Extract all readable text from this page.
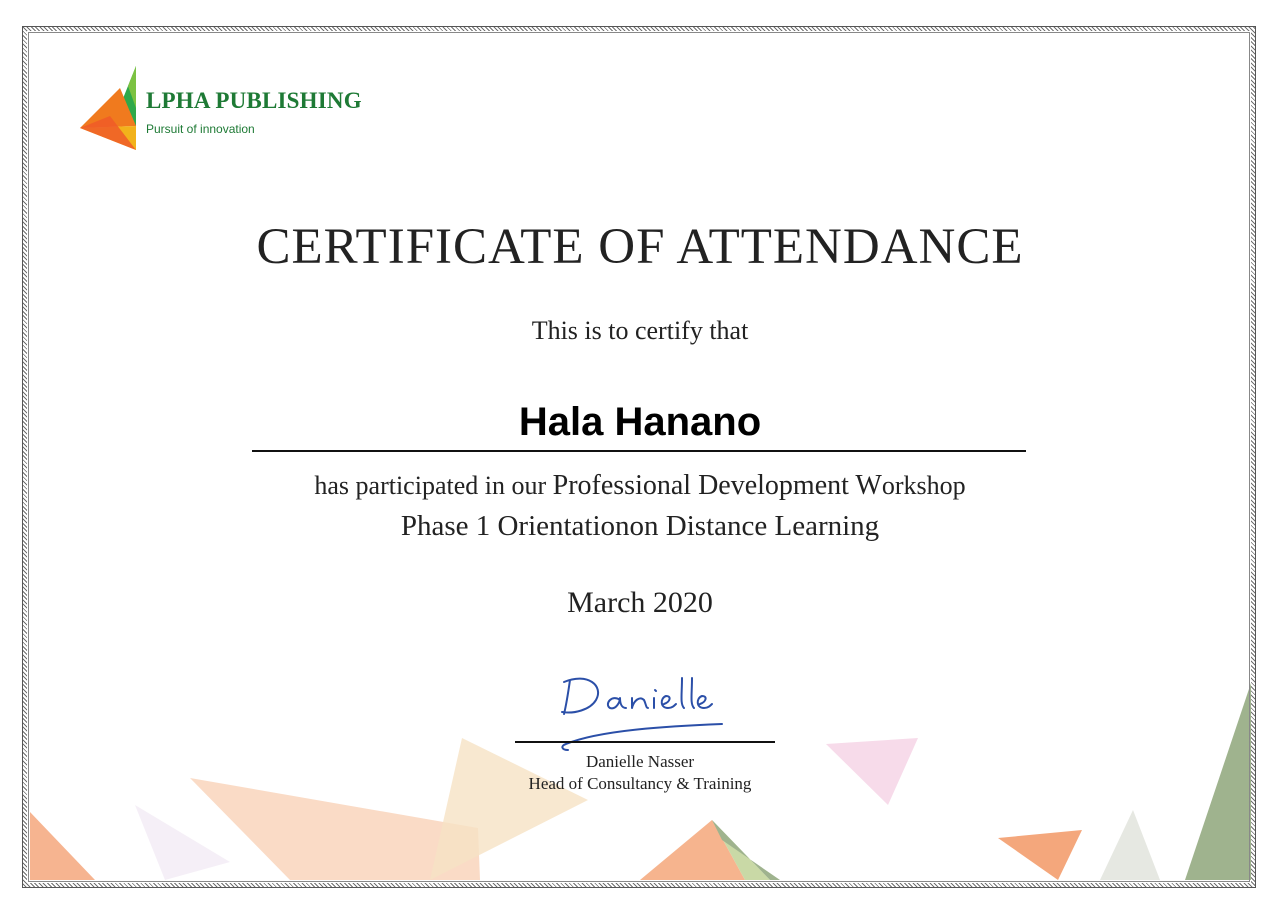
LPHA PUBLISHING
Pursuit of innovation
CERTIFICATE OF ATTENDANCE
This is to certify that
Hala Hanano
has participated in our Professional Development Workshop
Phase 1 Orientationon Distance Learning
March 2020
Danielle Nasser
Head of Consultancy & Training
